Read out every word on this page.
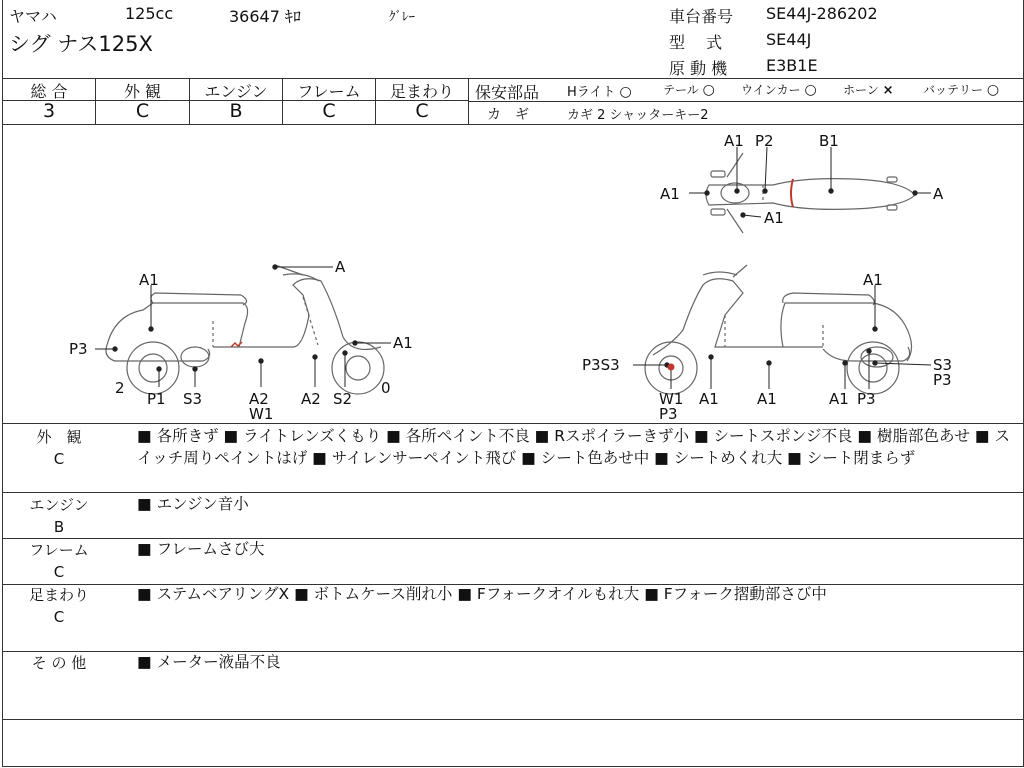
ヤマハ	125cc	36647 ｷﾛ	ｸﾞﾚｰ
シグ ナス125X
車台番号 SE44J-286202
型　 式	SE44J
原 動 機 E3B1E
総 合	外 観	エンジン	フレーム	足まわり
3	C	B	C	C
保安部品 Hライト ○	テール ○ ウインカー ○ ホーン × バッテリー ○
カ　ギ	カギ 2 シャッターキー2
A1 P2	B1
A1	A
A1
A
A1
P3	A1
2	0
P1 S3	A2
W1
A2 S2
A1
P3S3	S3
P3
W1
P3
A1	A1	A1 P3
外　観
C
■ 各所きず ■ ライトレンズくもり ■ 各所ペイント不良 ■ Rスポイラーきず小 ■ シートスポンジ不良 ■ 樹脂部色あせ ■ スイッチ周りペイントはげ ■ サイレンサーペイント飛び ■ シート色あせ中 ■ シートめくれ大 ■ シート閉まらず
エンジン
B
■ エンジン音小
フレーム
C
■ フレームさび大
足まわり
C
■ ステムベアリングX ■ ボトムケース削れ小 ■ Fフォークオイルもれ大 ■ Fフォーク摺動部さび中
そ の 他	■ メーター液晶不良
